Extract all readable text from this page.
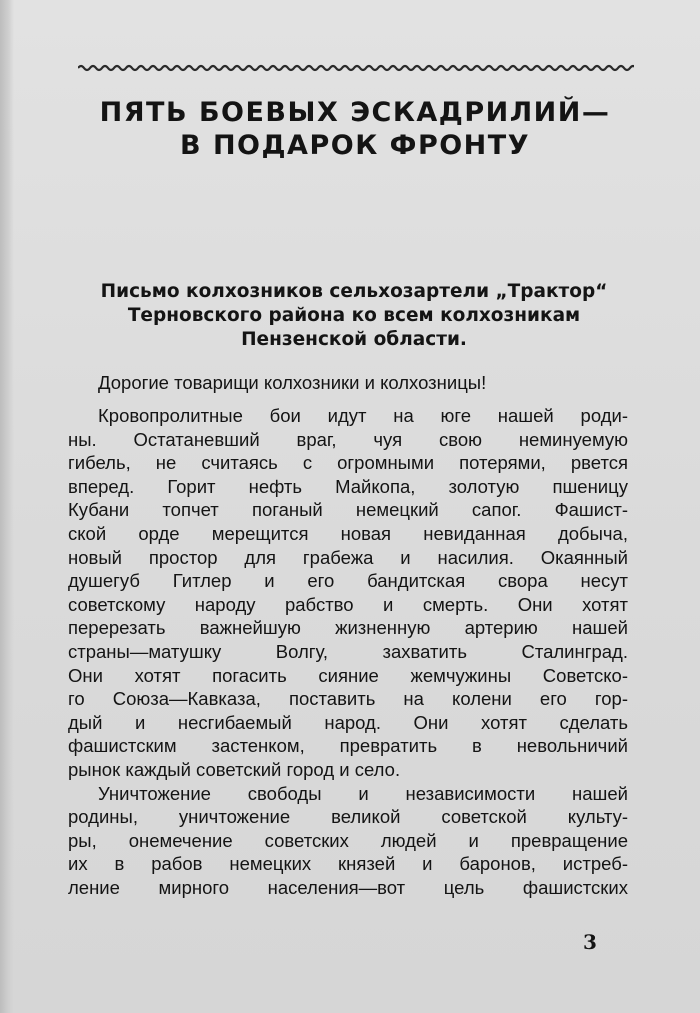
ПЯТЬ БОЕВЫХ ЭСКАДРИЛИЙ—
В ПОДАРОК ФРОНТУ
Письмо колхозников сельхозартели „Трактор“
Терновского района ко всем колхозникам
Пензенской области.
Дорогие товарищи колхозники и колхозницы!
Кровопролитные бои идут на юге нашей роди-
ны. Остатаневший враг, чуя свою неминуемую
гибель, не считаясь с огромными потерями, рвется
вперед. Горит нефть Майкопа, золотую пшеницу
Кубани топчет поганый немецкий сапог. Фашист-
ской орде мерещится новая невиданная добыча,
новый простор для грабежа и насилия. Окаянный
душегуб Гитлер и его бандитская свора несут
советскому народу рабство и смерть. Они хотят
перерезать важнейшую жизненную артерию нашей
страны—матушку Волгу, захватить Сталинград.
Они хотят погасить сияние жемчужины Советско-
го Союза—Кавказа, поставить на колени его гор-
дый и несгибаемый народ. Они хотят сделать
фашистским застенком, превратить в невольничий
рынок каждый советский город и село.
Уничтожение свободы и независимости нашей
родины, уничтожение великой советской культу-
ры, онемечение советских людей и превращение
их в рабов немецких князей и баронов, истреб-
ление мирного населения—вот цель фашистских
3
